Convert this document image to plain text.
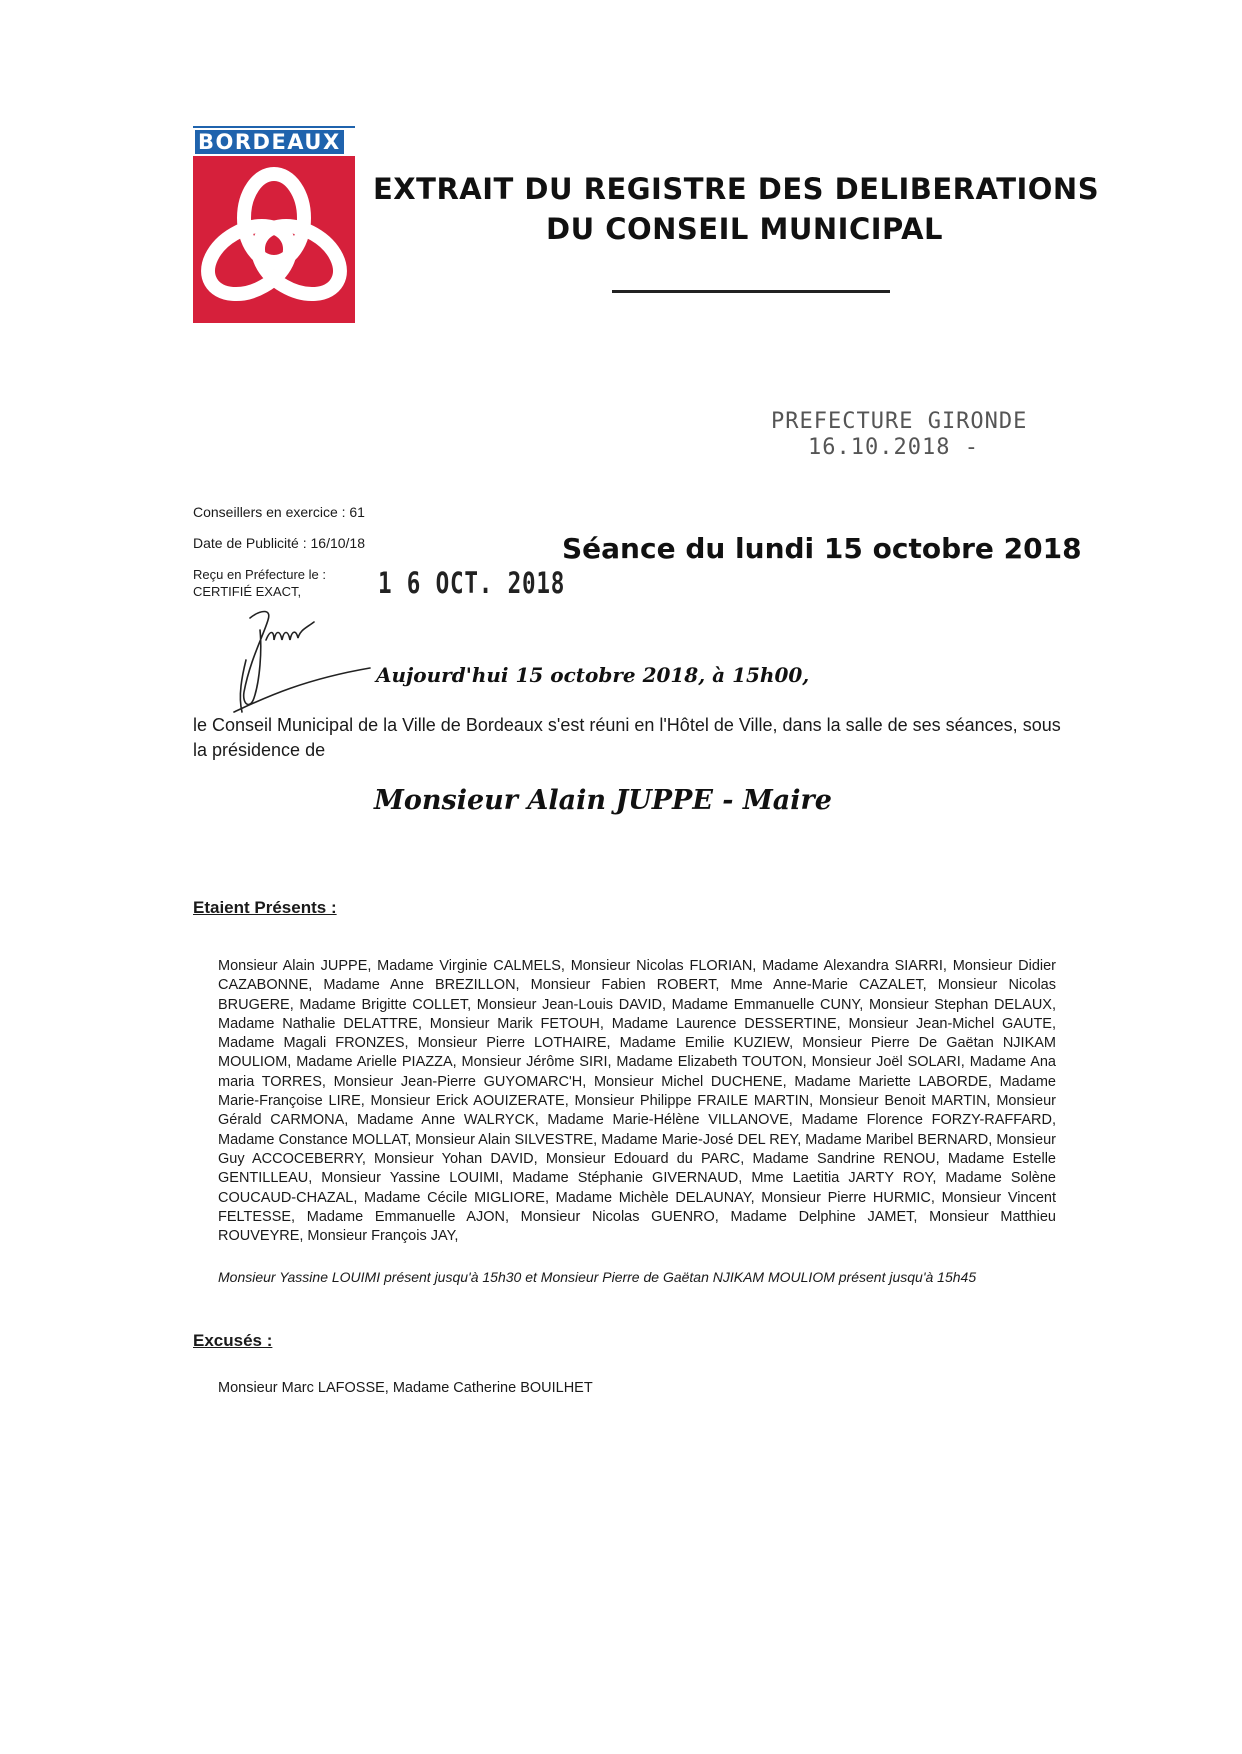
BORDEAUX
EXTRAIT DU REGISTRE DES DELIBERATIONS
DU CONSEIL MUNICIPAL
PREFECTURE GIRONDE
16.10.2018 -
Conseillers en exercice : 61
Date de Publicité : 16/10/18
Reçu en Préfecture le :
CERTIFIÉ EXACT,	1 6 OCT. 2018
Séance du lundi 15 octobre 2018
Aujourd'hui 15 octobre 2018, à 15h00,
le Conseil Municipal de la Ville de Bordeaux s'est réuni en l'Hôtel de Ville, dans la salle de ses séances, sous la présidence de
Monsieur Alain JUPPE - Maire
Etaient Présents :
Monsieur Alain JUPPE, Madame Virginie CALMELS, Monsieur Nicolas FLORIAN, Madame Alexandra SIARRI, Monsieur Didier CAZABONNE, Madame Anne BREZILLON, Monsieur Fabien ROBERT, Mme Anne-Marie CAZALET, Monsieur Nicolas BRUGERE, Madame Brigitte COLLET, Monsieur Jean-Louis DAVID, Madame Emmanuelle CUNY, Monsieur Stephan DELAUX, Madame Nathalie DELATTRE, Monsieur Marik FETOUH, Madame Laurence DESSERTINE, Monsieur Jean-Michel GAUTE, Madame Magali FRONZES, Monsieur Pierre LOTHAIRE, Madame Emilie KUZIEW, Monsieur Pierre De Gaëtan NJIKAM MOULIOM, Madame Arielle PIAZZA, Monsieur Jérôme SIRI, Madame Elizabeth TOUTON, Monsieur Joël SOLARI, Madame Ana maria TORRES, Monsieur Jean-Pierre GUYOMARC'H, Monsieur Michel DUCHENE, Madame Mariette LABORDE, Madame Marie-Françoise LIRE, Monsieur Erick AOUIZERATE, Monsieur Philippe FRAILE MARTIN, Monsieur Benoit MARTIN, Monsieur Gérald CARMONA, Madame Anne WALRYCK, Madame Marie-Hélène VILLANOVE, Madame Florence FORZY-RAFFARD, Madame Constance MOLLAT, Monsieur Alain SILVESTRE, Madame Marie-José DEL REY, Madame Maribel BERNARD, Monsieur Guy ACCOCEBERRY, Monsieur Yohan DAVID, Monsieur Edouard du PARC, Madame Sandrine RENOU, Madame Estelle GENTILLEAU, Monsieur Yassine LOUIMI, Madame Stéphanie GIVERNAUD, Mme Laetitia JARTY ROY, Madame Solène COUCAUD-CHAZAL, Madame Cécile MIGLIORE, Madame Michèle DELAUNAY, Monsieur Pierre HURMIC, Monsieur Vincent FELTESSE, Madame Emmanuelle AJON, Monsieur Nicolas GUENRO, Madame Delphine JAMET, Monsieur Matthieu ROUVEYRE, Monsieur François JAY,
Monsieur Yassine LOUIMI présent jusqu'à 15h30 et Monsieur Pierre de Gaëtan NJIKAM MOULIOM présent jusqu'à 15h45
Excusés :
Monsieur Marc LAFOSSE, Madame Catherine BOUILHET
